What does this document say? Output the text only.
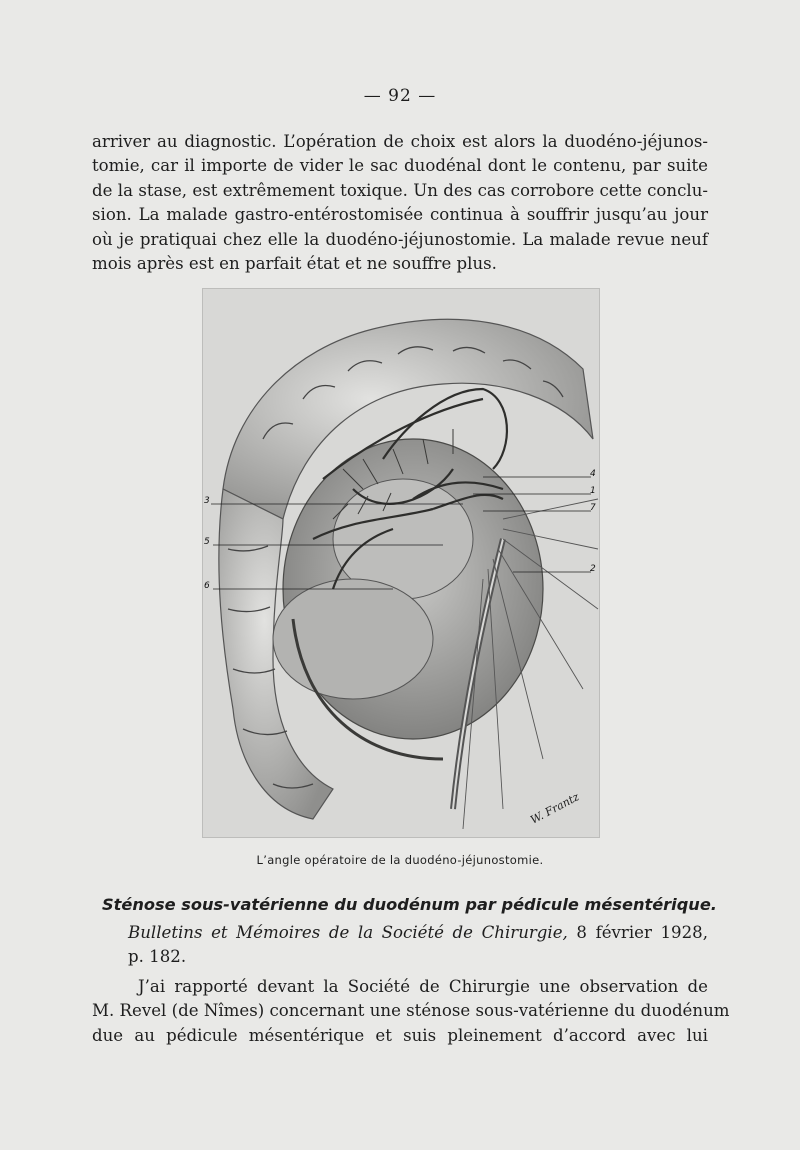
— 92 —
arriver au diagnostic. L’opération de choix est alors la duodéno-jéjunos-
tomie, car il importe de vider le sac duodénal dont le contenu, par suite
de la stase, est extrêmement toxique. Un des cas corrobore cette conclu-
sion. La malade gastro-entérostomisée continua à souffrir jusqu’au jour
où je pratiquai chez elle la duodéno-jéjunostomie. La malade revue neuf
mois après est en parfait état et ne souffre plus.
3
5
6
4
1
7
2
W. Frantz
L’angle opératoire de la duodéno-jéjunostomie.
Sténose sous-vatérienne du duodénum par pédicule mésentérique.
Bulletins et Mémoires de la Société de Chirurgie, 8 février 1928,
p. 182.
J’ai rapporté devant la Société de Chirurgie une observation de
M. Revel (de Nîmes) concernant une sténose sous-vatérienne du duodénum
due au pédicule mésentérique et suis pleinement d’accord avec lui
